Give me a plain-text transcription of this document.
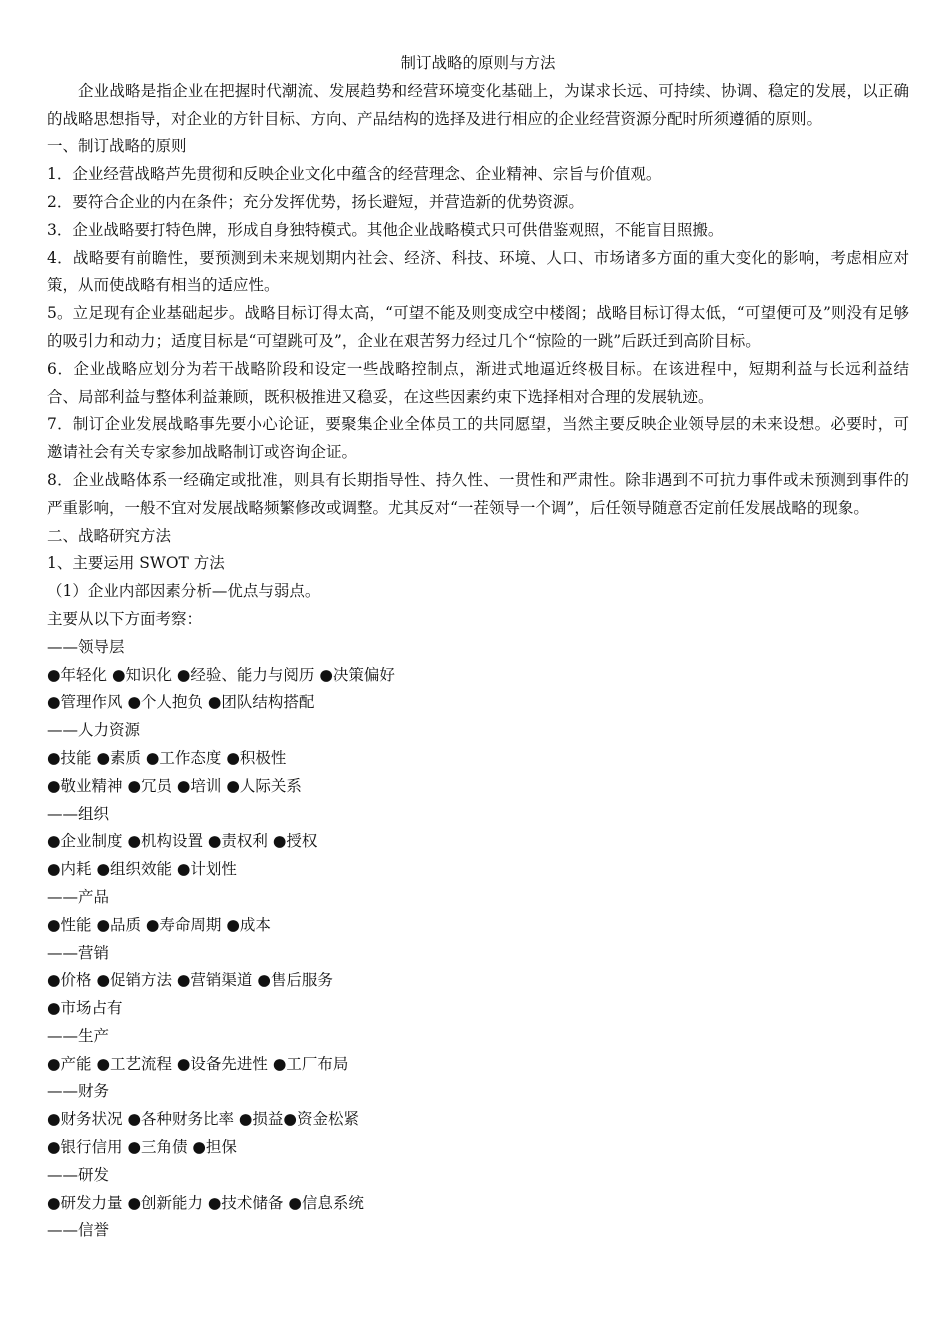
制订战略的原则与方法

企业战略是指企业在把握时代潮流、发展趋势和经营环境变化基础上，为谋求长远、可持续、协调、稳定的发展，以正确的战略思想指导，对企业的方针目标、方向、产品结构的选择及进行相应的企业经营资源分配时所须遵循的原则。

一、制订战略的原则

1．企业经营战略芦先贯彻和反映企业文化中蕴含的经营理念、企业精神、宗旨与价值观。

2．要符合企业的内在条件；充分发挥优势，扬长避短，并营造新的优势资源。

3．企业战略要打特色牌，形成自身独特模式。其他企业战略模式只可供借鉴观照，不能盲目照搬。

4．战略要有前瞻性，要预测到未来规划期内社会、经济、科技、环境、人口、市场诸多方面的重大变化的影响，考虑相应对策，从而使战略有相当的适应性。

5。立足现有企业基础起步。战略目标订得太高，“可望不能及则变成空中楼阁；战略目标订得太低，“可望便可及”则没有足够的吸引力和动力；适度目标是“可望跳可及”，企业在艰苦努力经过几个“惊险的一跳”后跃迁到高阶目标。

6．企业战略应划分为若干战略阶段和设定一些战略控制点，渐进式地逼近终极目标。在该进程中，短期利益与长远利益结合、局部利益与整体利益兼顾，既积极推进又稳妥，在这些因素约束下选择相对合理的发展轨迹。

7．制订企业发展战略事先要小心论证，要聚集企业全体员工的共同愿望，当然主要反映企业领导层的未来设想。必要时，可邀请社会有关专家参加战略制订或咨询企证。

8．企业战略体系一经确定或批准，则具有长期指导性、持久性、一贯性和严肃性。除非遇到不可抗力事件或未预测到事件的严重影响，一般不宜对发展战略频繁修改或调整。尤其反对“一茬领导一个调”，后任领导随意否定前任发展战略的现象。

二、战略研究方法
1、主要运用 SWOT 方法
（1）企业内部因素分析—优点与弱点。
主要从以下方面考察：
——领导层
●年轻化 ●知识化 ●经验、能力与阅历 ●决策偏好
●管理作风 ●个人抱负 ●团队结构搭配
——人力资源
●技能 ●素质 ●工作态度 ●积极性
●敬业精神 ●冗员 ●培训 ●人际关系
——组织
●企业制度 ●机构设置 ●责权利 ●授权
●内耗 ●组织效能 ●计划性
——产品
●性能 ●品质 ●寿命周期 ●成本
——营销
●价格 ●促销方法 ●营销渠道 ●售后服务
●市场占有
——生产
●产能 ●工艺流程 ●设备先进性 ●工厂布局
——财务
●财务状况 ●各种财务比率 ●损益●资金松紧
●银行信用 ●三角债 ●担保
——研发
●研发力量 ●创新能力 ●技术储备 ●信息系统
——信誉
